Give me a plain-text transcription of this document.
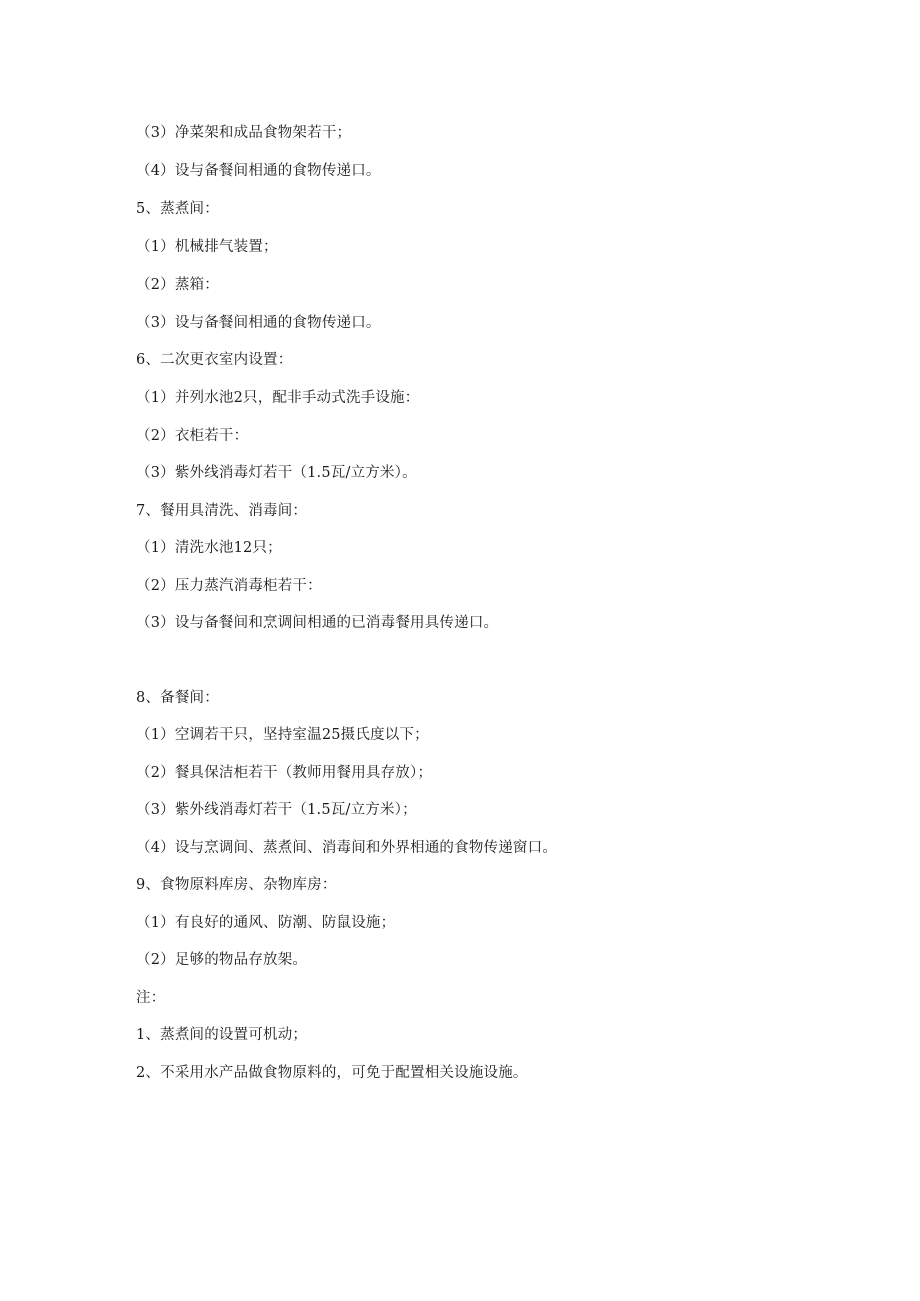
（3）净菜架和成品食物架若干；
（4）设与备餐间相通的食物传递口。
5、蒸煮间：
（1）机械排气装置；
（2）蒸箱：
（3）设与备餐间相通的食物传递口。
6、二次更衣室内设置：
（1）并列水池2只，配非手动式洗手设施：
（2）衣柜若干：
（3）紫外线消毒灯若干（1.5瓦/立方米）。
7、餐用具清洗、消毒间：
（1）清洗水池12只；
（2）压力蒸汽消毒柜若干：
（3）设与备餐间和烹调间相通的已消毒餐用具传递口。
8、备餐间：
（1）空调若干只，坚持室温25摄氏度以下；
（2）餐具保洁柜若干（教师用餐用具存放）；
（3）紫外线消毒灯若干（1.5瓦/立方米）；
（4）设与烹调间、蒸煮间、消毒间和外界相通的食物传递窗口。
9、食物原料库房、杂物库房：
（1）有良好的通风、防潮、防鼠设施；
（2）足够的物品存放架。
注：
1、蒸煮间的设置可机动；
2、不采用水产品做食物原料的，可免于配置相关设施设施。
